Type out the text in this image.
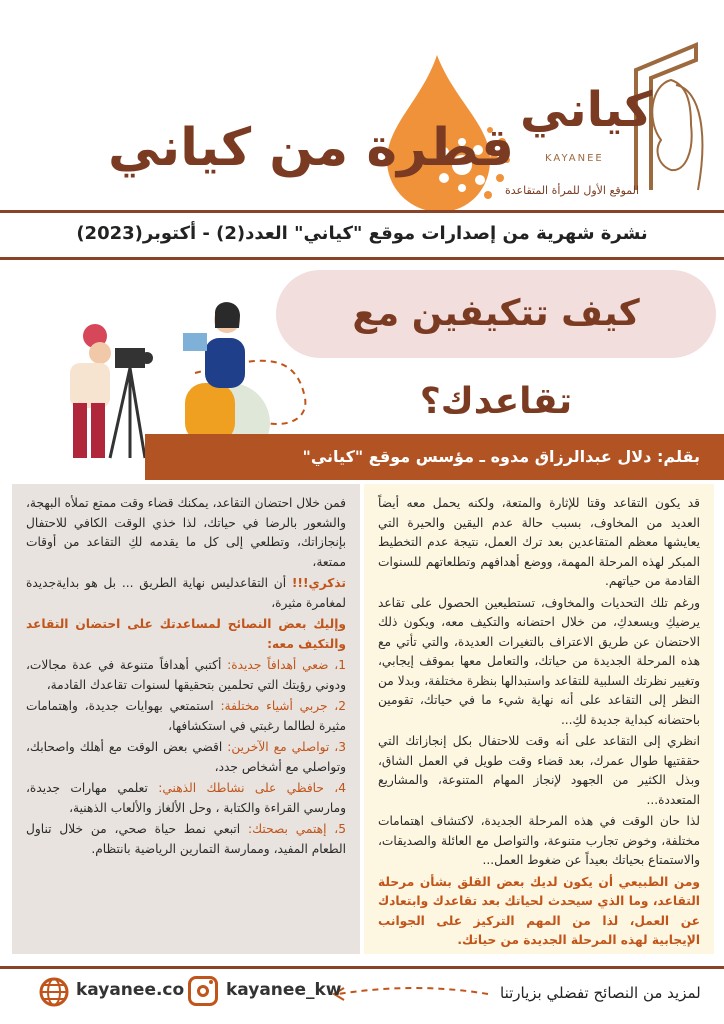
قطرة من كياني
كياني
KAYANEE
الموقع الأول للمرأة المتقاعدة
نشرة شهرية من إصدارات موقع "كياني" العدد(2) - أكتوبر(2023)
كيف تتكيفين مع تقاعدك؟
بقلم: دلال عبدالرزاق مدوه ـ مؤسس موقع "كياني"
قد يكون التقاعد وقتا للإثارة والمتعة، ولكنه يحمل معه أيضاً العديد من المخاوف، بسبب حالة عدم اليقين والحيرة التي يعايشها معظم المتقاعدين بعد ترك العمل، نتيجة عدم التخطيط المبكر لهذه المرحلة المهمة، ووضع أهدافهم وتطلعاتهم للسنوات القادمة من حياتهم.
ورغم تلك التحديات والمخاوف، تستطيعين الحصول على تقاعد يرضيكِ ويسعدكِ، من خلال احتضانه والتكيف معه، ويكون ذلك الاحتضان عن طريق الاعتراف بالتغيرات العديدة، والتي تأتي مع هذه المرحلة الجديدة من حياتك، والتعامل معها بموقف إيجابي، وتغيير نظرتك السلبية للتقاعد واستبدالها بنظرة مختلفة، وبدلا من النظر إلى التقاعد على أنه نهاية شيء ما في حياتك، تقومين باحتضانه كبداية جديدة لكِ...
انظري إلى التقاعد على أنه وقت للاحتفال بكل إنجازاتك التي حققتيها طوال عمرك، بعد قضاء وقت طويل في العمل الشاق، وبذل الكثير من الجهود لإنجاز المهام المتنوعة، والمشاريع المتعددة...
لذا حان الوقت في هذه المرحلة الجديدة، لاكتشاف اهتمامات مختلفة، وخوض تجارب متنوعة، والتواصل مع العائلة والصديقات، والاستمتاع بحياتك بعيداً عن ضغوط العمل...
ومن الطبيعي أن يكون لديك بعض القلق بشأن مرحلة التقاعد، وما الذي سيحدث لحياتك بعد تقاعدك وابتعادك عن العمل، لذا من المهم التركيز على الجوانب الإيجابية لهذه المرحلة الجديدة من حياتك.
فمن خلال احتضان التقاعد، يمكنك قضاء وقت ممتع تملأه البهجة، والشعور بالرضا في حياتك، لذا خذي الوقت الكافي للاحتفال بإنجازاتك، وتطلعي إلى كل ما يقدمه لكِ التقاعد من أوقات ممتعة،
تذكري!!! أن التقاعدليس نهاية الطريق ... بل هو بدايةجديدة لمغامرة مثيرة،
وإليك بعض النصائح لمساعدتك على احتضان التقاعد والتكيف معه:
1، ضعي أهدافاً جديدة: أكتبي أهدافاً متنوعة في عدة مجالات، ودوني رؤيتك التي تحلمين بتحقيقها لسنوات تقاعدك القادمة،
2، جربي أشياء مختلفة: استمتعي بهوايات جديدة، واهتمامات مثيرة لطالما رغبتي في استكشافها،
3، تواصلي مع الآخرين: اقضي بعض الوقت مع أهلك واصحابك، وتواصلي مع أشخاص جدد،
4، حافظي على نشاطك الذهني: تعلمي مهارات جديدة، ومارسي القراءة والكتابة ، وحل الألغاز والألعاب الذهنية،
5، إهتمي بصحتك: اتبعي نمط حياة صحي، من خلال تناول الطعام المفيد، وممارسة التمارين الرياضية بانتظام.
لمزيد من النصائح تفضلي بزيارتنا
kayanee_kw
kayanee.co
